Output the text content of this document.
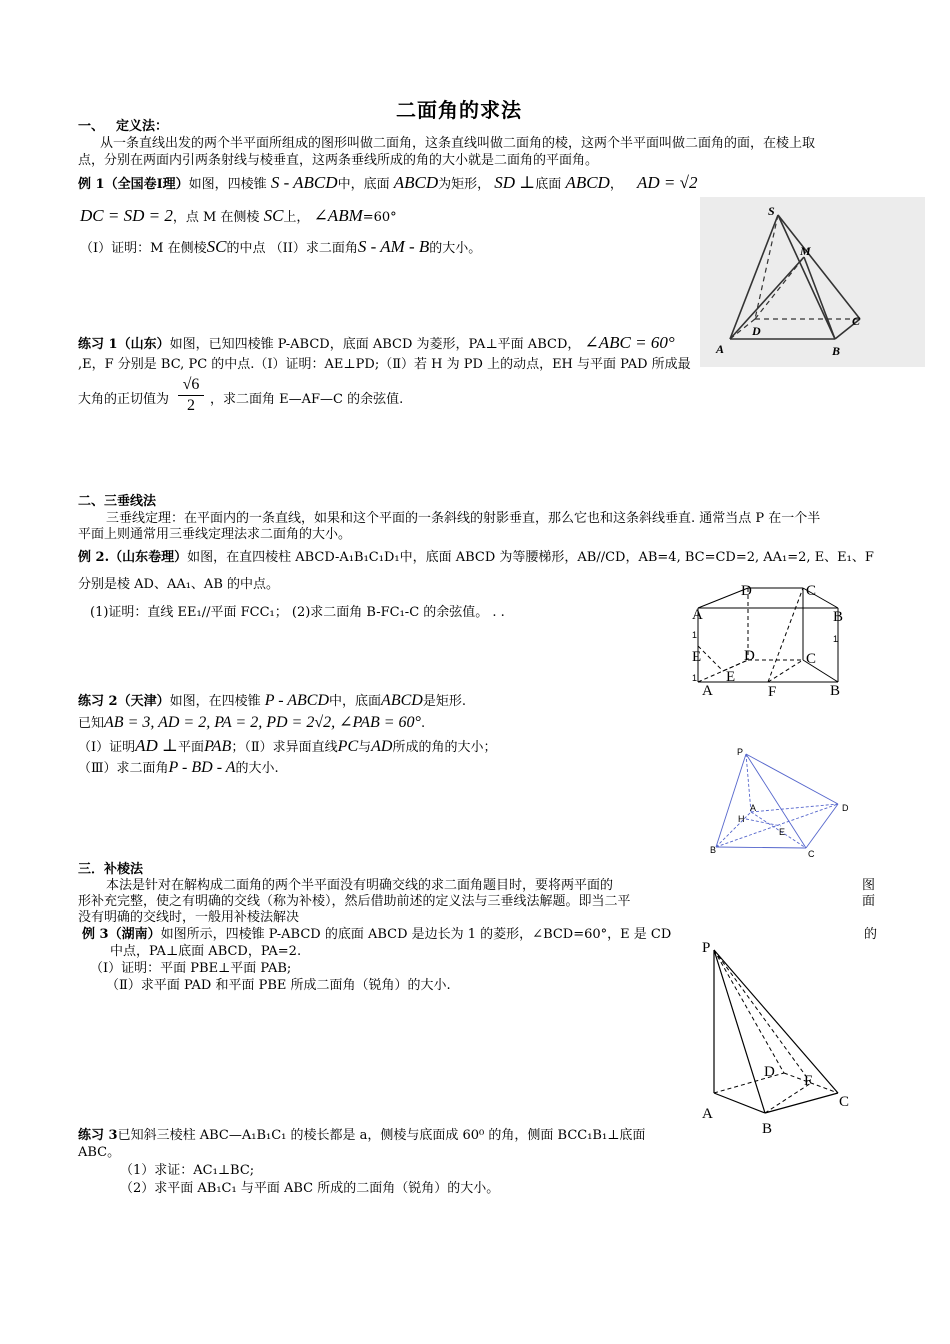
二面角的求法
一、 定义法：
从一条直线出发的两个半平面所组成的图形叫做二面角，这条直线叫做二面角的棱，这两个半平面叫做二面角的面，在棱上取
点，分别在两面内引两条射线与棱垂直，这两条垂线所成的角的大小就是二面角的平面角。
例 1（全国卷Ⅰ理）如图，四棱锥 S - ABCD中，底面 ABCD为矩形， SD ⊥底面 ABCD， AD = √2
DC = SD = 2，点 M 在侧棱 SC上， ∠ABM=60°
（I）证明：M 在侧棱SC的中点 （II）求二面角S - AM - B的大小。
练习 1（山东）如图，已知四棱锥 P-ABCD，底面 ABCD 为菱形，PA⊥平面 ABCD， ∠ABC = 60°
,E，F 分别是 BC, PC 的中点.（Ⅰ）证明：AE⊥PD;（Ⅱ）若 H 为 PD 上的动点，EH 与平面 PAD 所成最
大角的正切值为
√6
2	，求二面角 E—AF—C 的余弦值.
S
M
D
C
A	B
二、三垂线法
三垂线定理：在平面内的一条直线，如果和这个平面的一条斜线的射影垂直，那么它也和这条斜线垂直. 通常当点 P 在一个半
平面上则通常用三垂线定理法求二面角的大小。
例 2.（山东卷理）如图，在直四棱柱 ABCD-A₁B₁C₁D₁中，底面 ABCD 为等腰梯形，AB//CD，AB=4, BC=CD=2, AA₁=2, E、E₁、F
分别是棱 AD、AA₁、AB 的中点。
(1)证明：直线 EE₁//平面 FCC₁； (2)求二面角 B-FC₁-C 的余弦值。 . .
D	C
A	B
1	1
E	D	C
1
A
E
F	B
练习 2（天津）如图，在四棱锥 P - ABCD中，底面ABCD是矩形.
已知AB = 3, AD = 2, PA = 2, PD = 2√2, ∠PAB = 60°.
（Ⅰ）证明AD ⊥平面PAB；（Ⅱ）求异面直线PC与AD所成的角的大小；
（Ⅲ）求二面角P - BD - A的大小.
P
A
H
E
D
B	C
三．补棱法
本法是针对在解构成二面角的两个半平面没有明确交线的求二面角题目时，要将两平面的	图
形补充完整，使之有明确的交线（称为补棱），然后借助前述的定义法与三垂线法解题。即当二平	面
没有明确的交线时，一般用补棱法解决
例 3（湖南）如图所示，四棱锥 P-ABCD 的底面 ABCD 是边长为 1 的菱形，∠BCD=60°，E 是 CD	的
中点，PA⊥底面 ABCD，PA=2.
（Ⅰ）证明：平面 PBE⊥平面 PAB;
（Ⅱ）求平面 PAD 和平面 PBE 所成二面角（锐角）的大小.
P
D
F
C
A
B
练习 3已知斜三棱柱 ABC—A₁B₁C₁ 的棱长都是 a，侧棱与底面成 60⁰ 的角，侧面 BCC₁B₁⊥底面
ABC。
（1）求证：AC₁⊥BC;
（2）求平面 AB₁C₁ 与平面 ABC 所成的二面角（锐角）的大小。
